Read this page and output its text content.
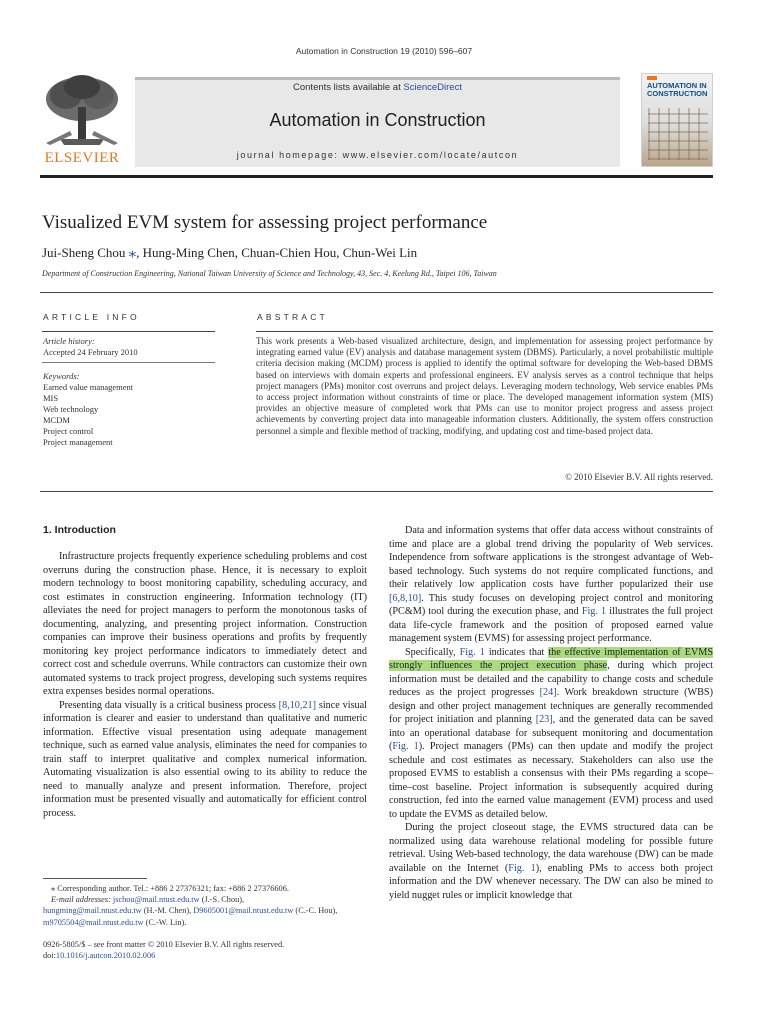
Automation in Construction 19 (2010) 596–607
ELSEVIER
Contents lists available at ScienceDirect
Automation in Construction
journal homepage: www.elsevier.com/locate/autcon
AUTOMATION IN CONSTRUCTION
Visualized EVM system for assessing project performance
Jui-Sheng Chou ⁎, Hung-Ming Chen, Chuan-Chien Hou, Chun-Wei Lin
Department of Construction Engineering, National Taiwan University of Science and Technology, 43, Sec. 4, Keelung Rd., Taipei 106, Taiwan
ARTICLE INFO
Article history:
Accepted 24 February 2010
Keywords:
Earned value management
MIS
Web technology
MCDM
Project control
Project management
ABSTRACT
This work presents a Web-based visualized architecture, design, and implementation for assessing project performance by integrating earned value (EV) analysis and database management system (DBMS). Particularly, a novel probabilistic multiple criteria decision making (MCDM) process is applied to identify the optimal software for developing the Web-based DBMS based on interviews with domain experts and professional engineers. EV analysis serves as a control technique that helps project managers (PMs) monitor cost overruns and project delays. Leveraging modern technology, Web service enables PMs to access project information without constraints of time or place. The developed management information system (MIS) provides an objective measure of completed work that PMs can use to monitor project progress and assess project achievements by converting project data into manageable information clusters. Additionally, the system offers construction personnel a simple and flexible method of tracking, modifying, and updating cost and time-based project data.
© 2010 Elsevier B.V. All rights reserved.
1. Introduction

Infrastructure projects frequently experience scheduling problems and cost overruns during the construction phase. Hence, it is necessary to exploit modern technology to boost monitoring capability, scheduling accuracy, and cost estimates in construction engineering. Information technology (IT) alleviates the need for project managers to perform the monotonous tasks of documenting, analyzing, and presenting project information. Construction companies can improve their business operations and profits by frequently monitoring key project performance indicators to immediately detect and correct cost and schedule overruns. While contractors can customize their own automated systems to track project progress, developing such systems requires extra expenses besides normal operations.

Presenting data visually is a critical business process [8,10,21] since visual information is clearer and easier to understand than qualitative and numeric information. Effective visual presentation using adequate management technique, such as earned value analysis, eliminates the need for companies to train staff to interpret qualitative and complex numerical information. Automating visualization is also essential owing to its ability to reduce the need to manually analyze and present information. Therefore, project information must be presented visually and automatically for efficient control process.

Data and information systems that offer data access without constraints of time and place are a global trend driving the popularity of Web services. Independence from software applications is the strongest advantage of Web-based technology. Such systems do not require complicated functions, and their relatively low application costs have further popularized their use [6,8,10]. This study focuses on developing project control and monitoring (PC&M) tool during the execution phase, and Fig. 1 illustrates the full project data life-cycle framework and the position of proposed earned value management system (EVMS) for assessing project performance.

Specifically, Fig. 1 indicates that the effective implementation of EVMS strongly influences the project execution phase, during which project information must be detailed and the capability to change costs and schedule reduces as the project progresses [24]. Work breakdown structure (WBS) design and other project management techniques are generally recommended for project initiation and planning [23], and the generated data can be saved into an operational database for subsequent monitoring and documentation (Fig. 1). Project managers (PMs) can then update and modify the project schedule and cost estimates as necessary. Stakeholders can also use the proposed EVMS to establish a consensus with their PMs regarding a scope–time–cost baseline. Project information is subsequently acquired during construction, fed into the earned value management (EVM) process and used to update the EVMS as detailed below.

During the project closeout stage, the EVMS structured data can be normalized using data warehouse relational modeling for possible future retrieval. Using Web-based technology, the data warehouse (DW) can be made available on the Internet (Fig. 1), enabling PMs to access both project information and the DW whenever necessary. The DW can also be mined to yield nugget rules or implicit knowledge that

⁎ Corresponding author. Tel.: +886 2 27376321; fax: +886 2 27376606.
E-mail addresses: jschou@mail.ntust.edu.tw (J.-S. Chou),
hungming@mail.ntust.edu.tw (H.-M. Chen), D9605001@mail.ntust.edu.tw (C.-C. Hou),
m9705504@mail.ntust.edu.tw (C.-W. Lin).
0926-5805/$ – see front matter © 2010 Elsevier B.V. All rights reserved.
doi:10.1016/j.autcon.2010.02.006
